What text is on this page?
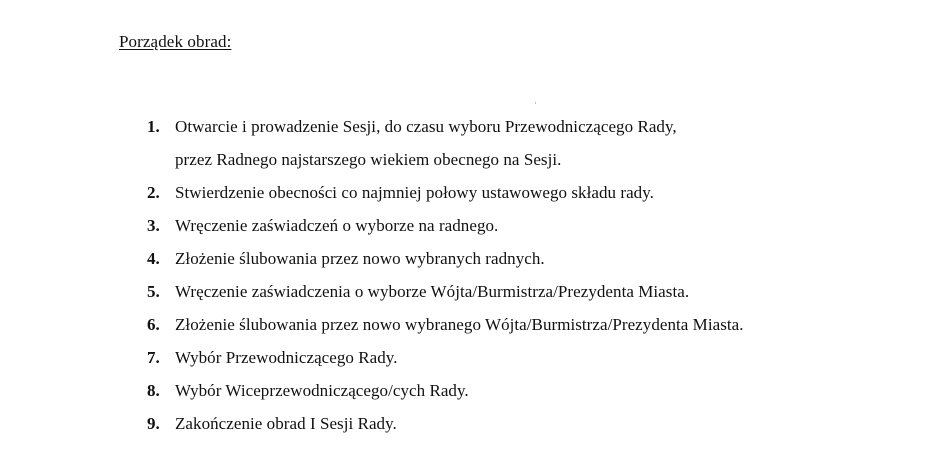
Porządek obrad:
1. Otwarcie i prowadzenie Sesji, do czasu wyboru Przewodniczącego Rady,
przez Radnego najstarszego wiekiem obecnego na Sesji.
2. Stwierdzenie obecności co najmniej połowy ustawowego składu rady.
3. Wręczenie zaświadczeń o wyborze na radnego.
4. Złożenie ślubowania przez nowo wybranych radnych.
5. Wręczenie zaświadczenia o wyborze Wójta/Burmistrza/Prezydenta Miasta.
6. Złożenie ślubowania przez nowo wybranego Wójta/Burmistrza/Prezydenta Miasta.
7. Wybór Przewodniczącego Rady.
8. Wybór Wiceprzewodniczącego/cych Rady.
9. Zakończenie obrad I Sesji Rady.
